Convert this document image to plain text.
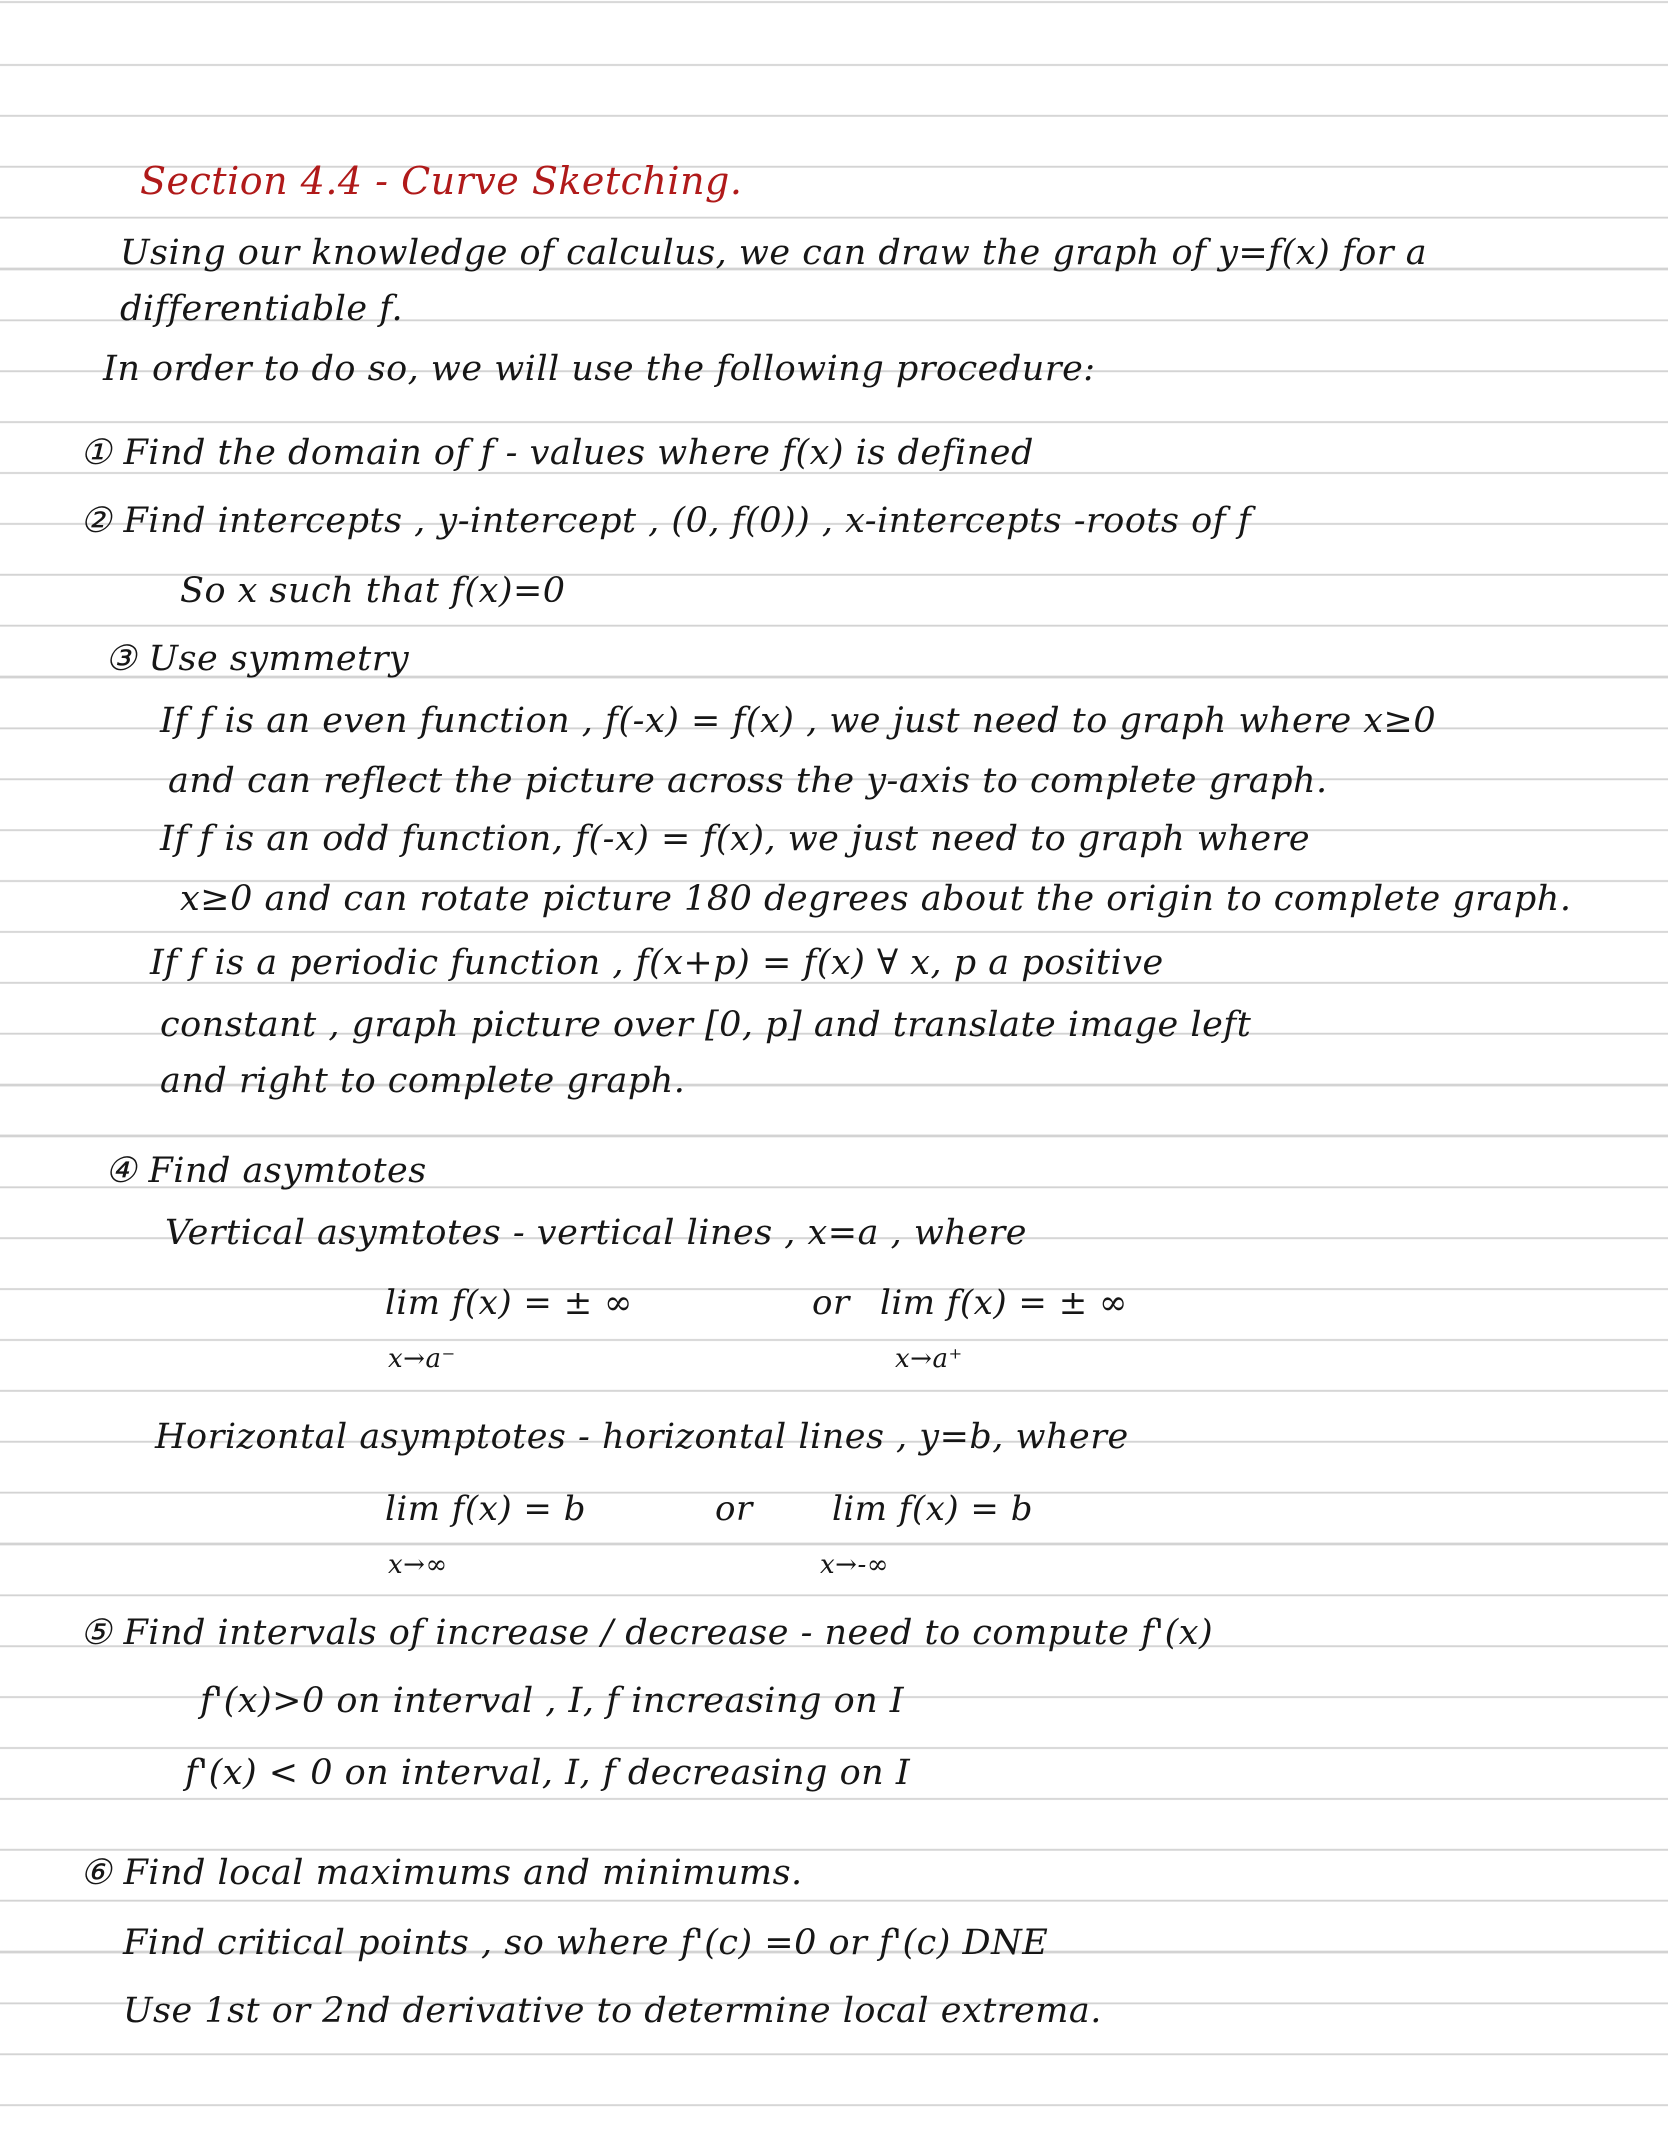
Section 4.4 - Curve Sketching.
Using our knowledge of calculus, we can draw the graph of y=f(x) for a
differentiable f.
In order to do so, we will use the following procedure:
① Find the domain of f - values where f(x) is defined
② Find intercepts , y-intercept , (0, f(0)) , x-intercepts -roots of f
So x such that f(x)=0
③ Use symmetry
If f is an even function , f(-x) = f(x) , we just need to graph where x≥0
and can reflect the picture across the y-axis to complete graph.
If f is an odd function, f(-x) = f(x), we just need to graph where
x≥0 and can rotate picture 180 degrees about the origin to complete graph.
If f is a periodic function , f(x+p) = f(x) ∀ x, p a positive
constant , graph picture over [0, p] and translate image left
and right to complete graph.
④ Find asymtotes
Vertical asymtotes - vertical lines , x=a , where
lim f(x) = ± ∞
x→a⁻
or lim f(x) = ± ∞
x→a⁺
Horizontal asymptotes - horizontal lines , y=b, where
lim f(x) = b
x→∞
or lim f(x) = b
x→-∞
⑤ Find intervals of increase / decrease - need to compute f'(x)
f'(x)>0 on interval , I, f increasing on I
f'(x) < 0 on interval, I, f decreasing on I
⑥ Find local maximums and minimums.
Find critical points , so where f'(c) =0 or f'(c) DNE
Use 1st or 2nd derivative to determine local extrema.
